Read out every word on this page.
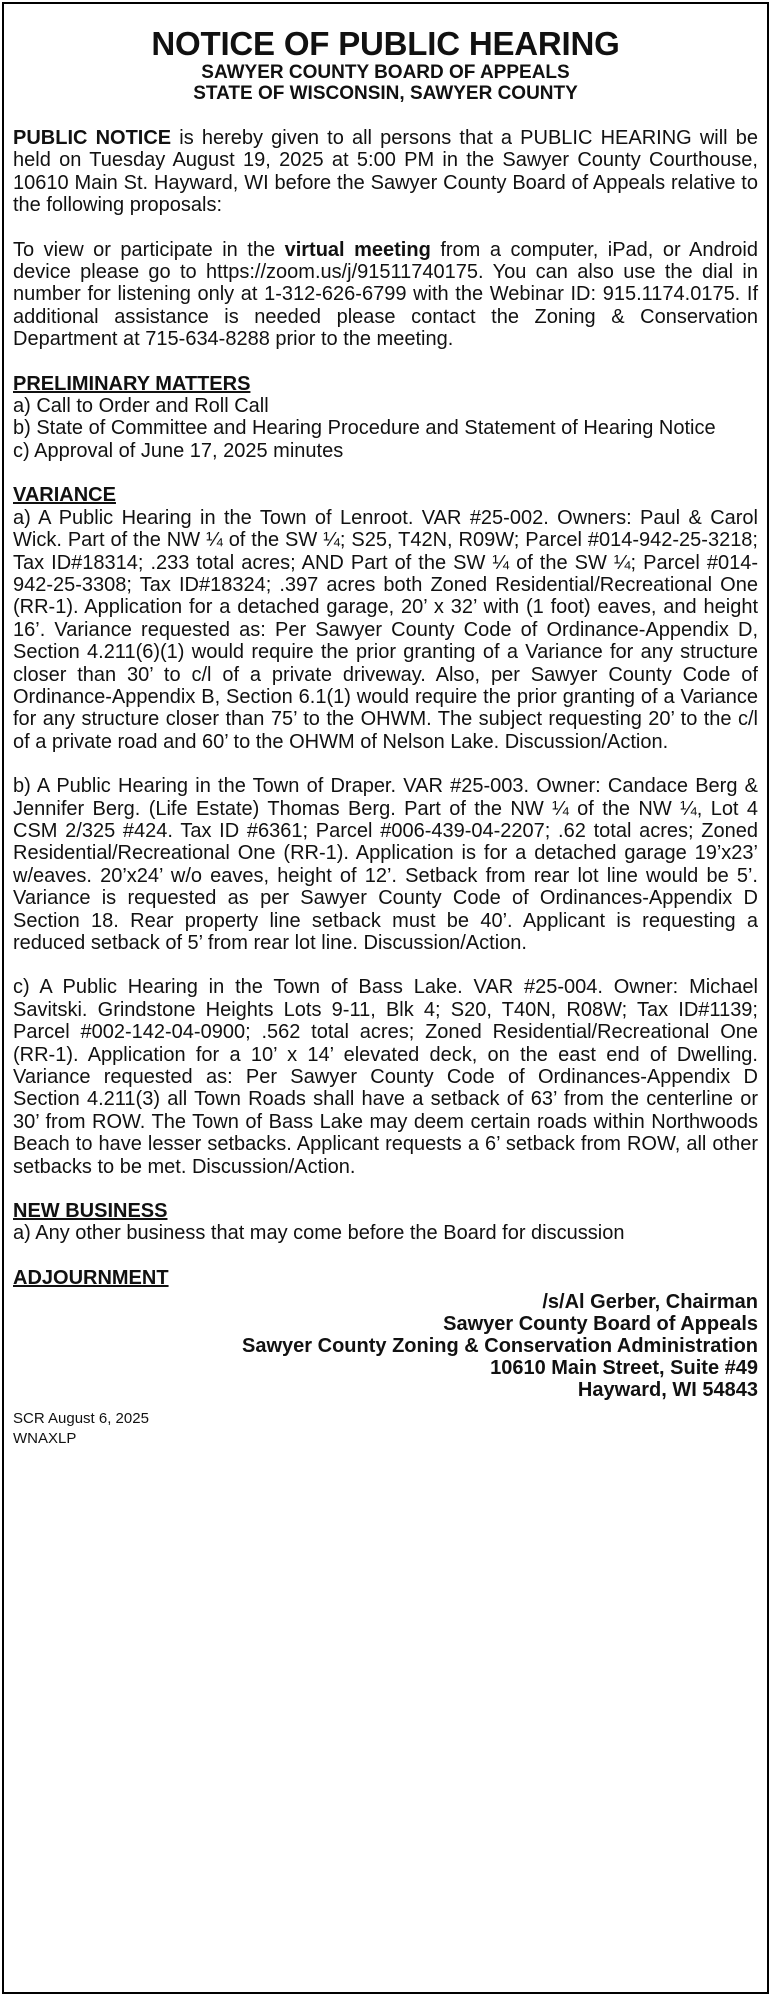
NOTICE OF PUBLIC HEARING
SAWYER COUNTY BOARD OF APPEALS
STATE OF WISCONSIN, SAWYER COUNTY

PUBLIC NOTICE is hereby given to all persons that a PUBLIC HEARING will be held on Tuesday August 19, 2025 at 5:00 PM in the Sawyer County Courthouse, 10610 Main St. Hayward, WI before the Sawyer County Board of Appeals relative to the following proposals:

To view or participate in the virtual meeting from a computer, iPad, or Android device please go to https://zoom.us/j/91511740175. You can also use the dial in number for listening only at 1-312-626-6799 with the Webinar ID: 915.1174.0175. If additional assistance is needed please contact the Zoning & Conservation Department at 715-634-8288 prior to the meeting.

PRELIMINARY MATTERS

a) Call to Order and Roll Call

b) State of Committee and Hearing Procedure and Statement of Hearing Notice

c) Approval of June 17, 2025 minutes

VARIANCE

a) A Public Hearing in the Town of Lenroot. VAR #25-002. Owners: Paul & Carol Wick. Part of the NW ¼ of the SW ¼; S25, T42N, R09W; Parcel #014-942-25-3218; Tax ID#18314; .233 total acres; AND Part of the SW ¼ of the SW ¼; Parcel #014-942-25-3308; Tax ID#18324; .397 acres both Zoned Residential/Recreational One (RR-1). Application for a detached garage, 20’ x 32’ with (1 foot) eaves, and height 16’. Variance requested as: Per Sawyer County Code of Ordinance-Appendix D, Section 4.211(6)(1) would require the prior granting of a Variance for any structure closer than 30’ to c/l of a private driveway. Also, per Sawyer County Code of Ordinance-Appendix B, Section 6.1(1) would require the prior granting of a Variance for any structure closer than 75’ to the OHWM. The subject requesting 20’ to the c/l of a private road and 60’ to the OHWM of Nelson Lake. Discussion/Action.

b) A Public Hearing in the Town of Draper. VAR #25-003. Owner: Candace Berg & Jennifer Berg. (Life Estate) Thomas Berg. Part of the NW ¼ of the NW ¼, Lot 4 CSM 2/325 #424. Tax ID #6361; Parcel #006-439-04-2207; .62 total acres; Zoned Residential/Recreational One (RR-1). Application is for a detached garage 19’x23’ w/eaves. 20’x24’ w/o eaves, height of 12’. Setback from rear lot line would be 5’. Variance is requested as per Sawyer County Code of Ordinances-Appendix D Section 18. Rear property line setback must be 40’. Applicant is requesting a reduced setback of 5’ from rear lot line. Discussion/Action.

c) A Public Hearing in the Town of Bass Lake. VAR #25-004. Owner: Michael Savitski. Grindstone Heights Lots 9-11, Blk 4; S20, T40N, R08W; Tax ID#1139; Parcel #002-142-04-0900; .562 total acres; Zoned Residential/Recreational One (RR-1). Application for a 10’ x 14’ elevated deck, on the east end of Dwelling. Variance requested as: Per Sawyer County Code of Ordinances-Appendix D Section 4.211(3) all Town Roads shall have a setback of 63’ from the centerline or 30’ from ROW. The Town of Bass Lake may deem certain roads within Northwoods Beach to have lesser setbacks. Applicant requests a 6’ setback from ROW, all other setbacks to be met. Discussion/Action.

NEW BUSINESS

a) Any other business that may come before the Board for discussion

ADJOURNMENT
/s/Al Gerber, Chairman
Sawyer County Board of Appeals
Sawyer County Zoning & Conservation Administration
10610 Main Street, Suite #49
Hayward, WI 54843
SCR August 6, 2025
WNAXLP
